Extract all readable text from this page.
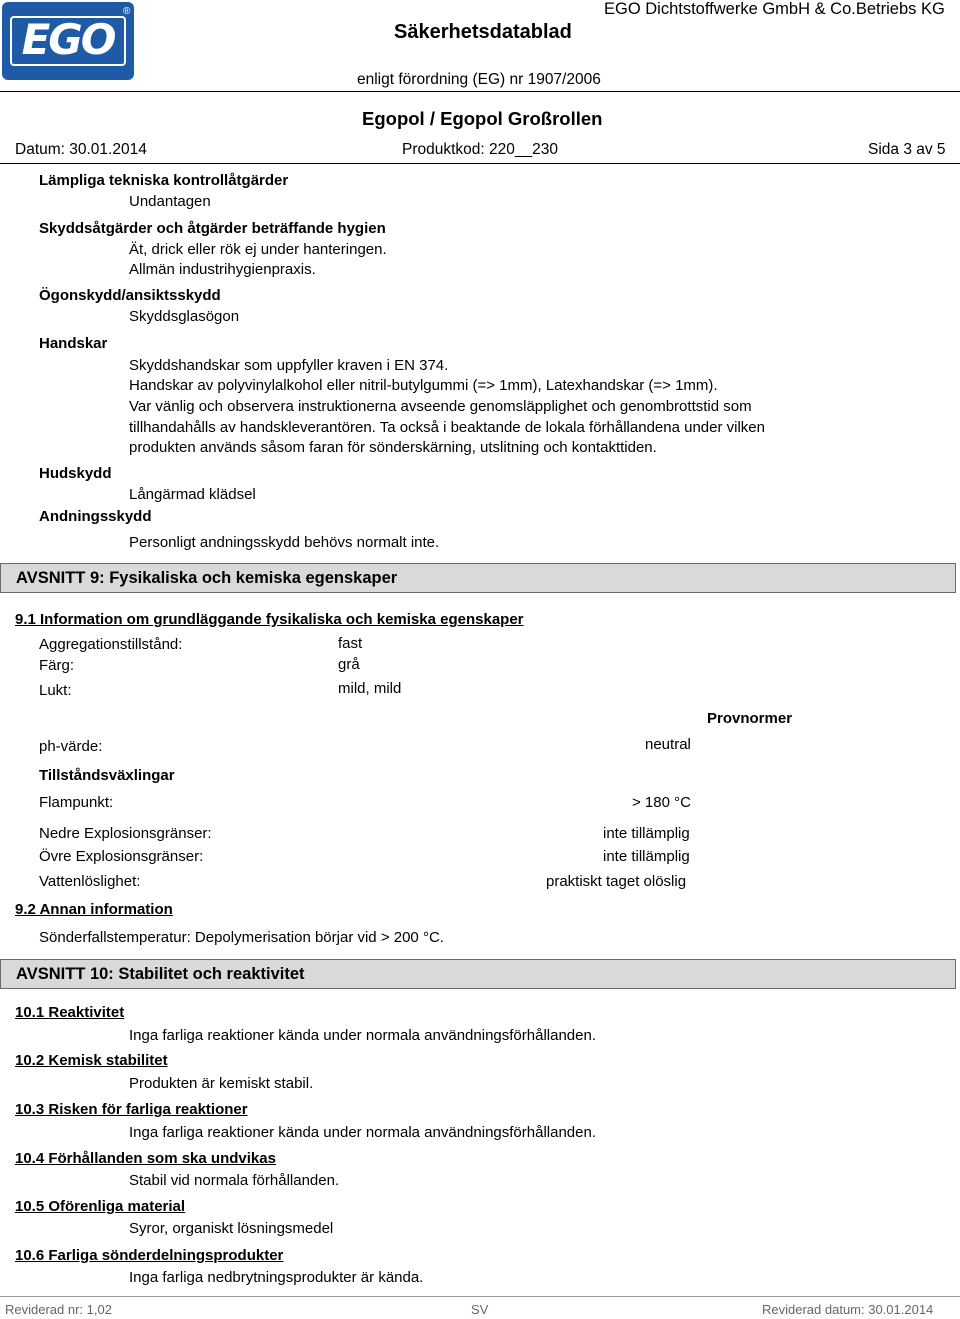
EGO
®
Säkerhetsdatablad
EGO Dichtstoffwerke GmbH & Co.Betriebs KG
enligt förordning (EG) nr 1907/2006
Egopol / Egopol Großrollen
Datum: 30.01.2014	Produktkod: 220__230	Sida 3 av 5
Lämpliga tekniska kontrollåtgärder
Undantagen
Skyddsåtgärder och åtgärder beträffande hygien
Ät, drick eller rök ej under hanteringen.
Allmän industrihygienpraxis.
Ögonskydd/ansiktsskydd
Skyddsglasögon
Handskar
Skyddshandskar som uppfyller kraven i EN 374.
Handskar av polyvinylalkohol eller nitril-butylgummi (=> 1mm), Latexhandskar (=> 1mm).
Var vänlig och observera instruktionerna avseende genomsläpplighet och genombrottstid som
tillhandahålls av handskleverantören. Ta också i beaktande de lokala förhållandena under vilken
produkten används såsom faran för sönderskärning, utslitning och kontakttiden.
Hudskydd
Långärmad klädsel
Andningsskydd
Personligt andningsskydd behövs normalt inte.
AVSNITT 9: Fysikaliska och kemiska egenskaper
9.1 Information om grundläggande fysikaliska och kemiska egenskaper
Aggregationstillstånd:	fast
Färg:	grå
Lukt:	mild, mild
Provnormer
ph-värde:	neutral
Tillståndsväxlingar
Flampunkt:	> 180 °C
Nedre Explosionsgränser:	inte tillämplig
Övre Explosionsgränser:	inte tillämplig
Vattenlöslighet:	praktiskt taget olöslig
9.2 Annan information
Sönderfallstemperatur: Depolymerisation börjar vid > 200 °C.
AVSNITT 10: Stabilitet och reaktivitet
10.1 Reaktivitet
Inga farliga reaktioner kända under normala användningsförhållanden.
10.2 Kemisk stabilitet
Produkten är kemiskt stabil.
10.3 Risken för farliga reaktioner
Inga farliga reaktioner kända under normala användningsförhållanden.
10.4 Förhållanden som ska undvikas
Stabil vid normala förhållanden.
10.5 Oförenliga material
Syror, organiskt lösningsmedel
10.6 Farliga sönderdelningsprodukter
Inga farliga nedbrytningsprodukter är kända.
Reviderad nr: 1,02	SV	Reviderad datum: 30.01.2014
